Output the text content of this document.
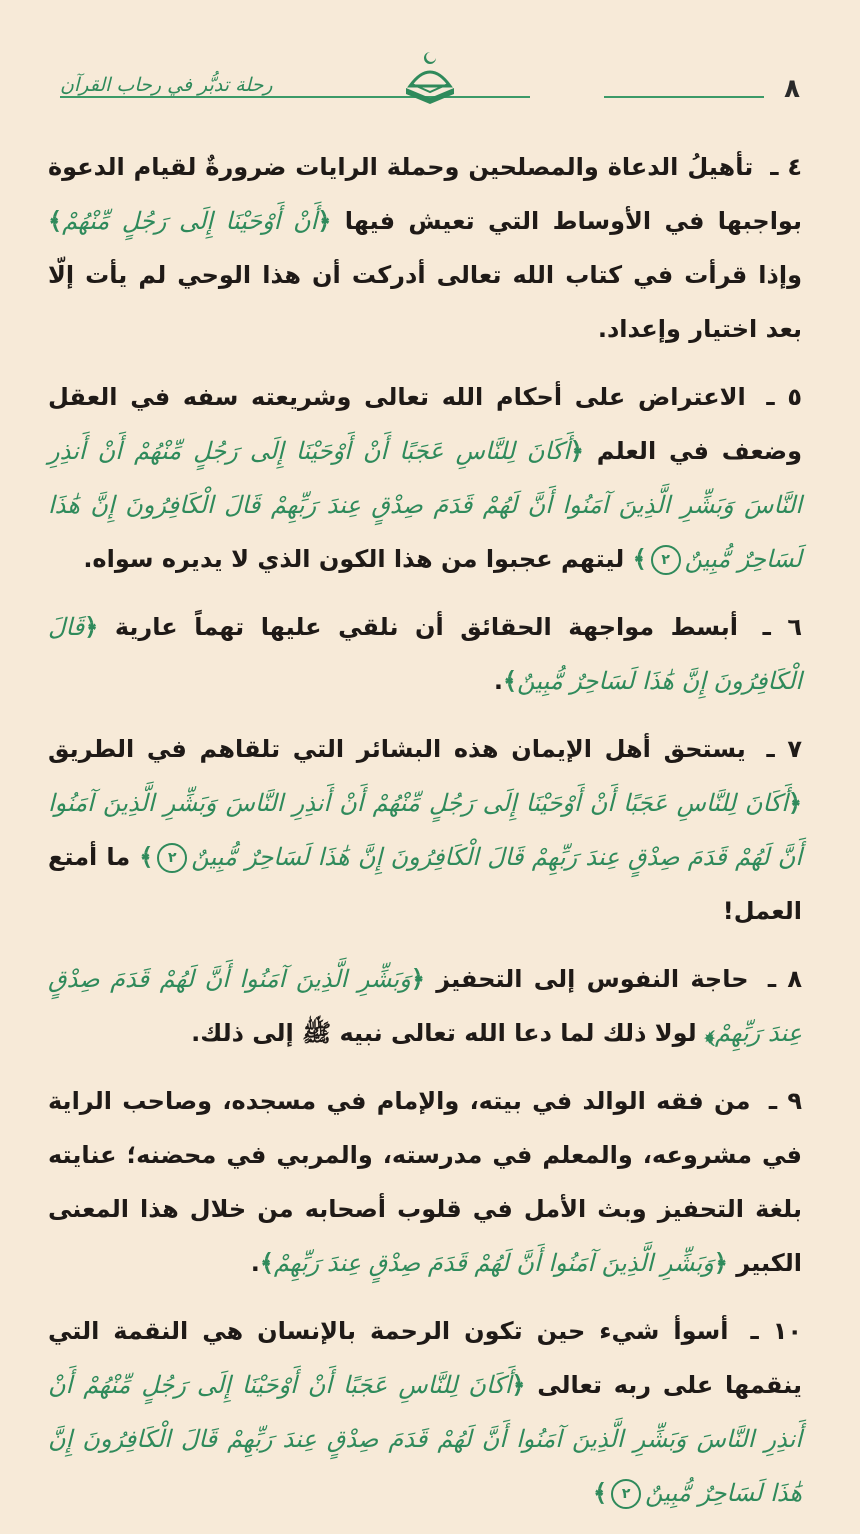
رحلة تدبُّر في رحاب القرآن	٨

٤ ـ تأهيلُ الدعاة والمصلحين وحملة الرايات ضرورةٌ لقيام الدعوة بواجبها في الأوساط التي تعيش فيها ﴿أَنْ أَوْحَيْنَا إِلَى رَجُلٍ مِّنْهُمْ﴾ وإذا قرأت في كتاب الله تعالى أدركت أن هذا الوحي لم يأت إلّا بعد اختيار وإعداد.

٥ ـ الاعتراض على أحكام الله تعالى وشريعته سفه في العقل وضعف في العلم ﴿أَكَانَ لِلنَّاسِ عَجَبًا أَنْ أَوْحَيْنَا إِلَى رَجُلٍ مِّنْهُمْ أَنْ أَنذِرِ النَّاسَ وَبَشِّرِ الَّذِينَ آمَنُوا أَنَّ لَهُمْ قَدَمَ صِدْقٍ عِندَ رَبِّهِمْ قَالَ الْكَافِرُونَ إِنَّ هَٰذَا لَسَاحِرٌ مُّبِينٌ٢﴾ ليتهم عجبوا من هذا الكون الذي لا يديره سواه.

٦ ـ أبسط مواجهة الحقائق أن نلقي عليها تهماً عارية ﴿قَالَ الْكَافِرُونَ إِنَّ هَٰذَا لَسَاحِرٌ مُّبِينٌ﴾.

٧ ـ يستحق أهل الإيمان هذه البشائر التي تلقاهم في الطريق ﴿أَكَانَ لِلنَّاسِ عَجَبًا أَنْ أَوْحَيْنَا إِلَى رَجُلٍ مِّنْهُمْ أَنْ أَنذِرِ النَّاسَ وَبَشِّرِ الَّذِينَ آمَنُوا أَنَّ لَهُمْ قَدَمَ صِدْقٍ عِندَ رَبِّهِمْ قَالَ الْكَافِرُونَ إِنَّ هَٰذَا لَسَاحِرٌ مُّبِينٌ٢﴾ ما أمتع العمل!

٨ ـ حاجة النفوس إلى التحفيز ﴿وَبَشِّرِ الَّذِينَ آمَنُوا أَنَّ لَهُمْ قَدَمَ صِدْقٍ عِندَ رَبِّهِمْ﴾ لولا ذلك لما دعا الله تعالى نبيه ﷺ إلى ذلك.

٩ ـ من فقه الوالد في بيته، والإمام في مسجده، وصاحب الراية في مشروعه، والمعلم في مدرسته، والمربي في محضنه؛ عنايته بلغة التحفيز وبث الأمل في قلوب أصحابه من خلال هذا المعنى الكبير ﴿وَبَشِّرِ الَّذِينَ آمَنُوا أَنَّ لَهُمْ قَدَمَ صِدْقٍ عِندَ رَبِّهِمْ﴾.

١٠ ـ أسوأ شيء حين تكون الرحمة بالإنسان هي النقمة التي ينقمها على ربه تعالى ﴿أَكَانَ لِلنَّاسِ عَجَبًا أَنْ أَوْحَيْنَا إِلَى رَجُلٍ مِّنْهُمْ أَنْ أَنذِرِ النَّاسَ وَبَشِّرِ الَّذِينَ آمَنُوا أَنَّ لَهُمْ قَدَمَ صِدْقٍ عِندَ رَبِّهِمْ قَالَ الْكَافِرُونَ إِنَّ هَٰذَا لَسَاحِرٌ مُّبِينٌ٢﴾
